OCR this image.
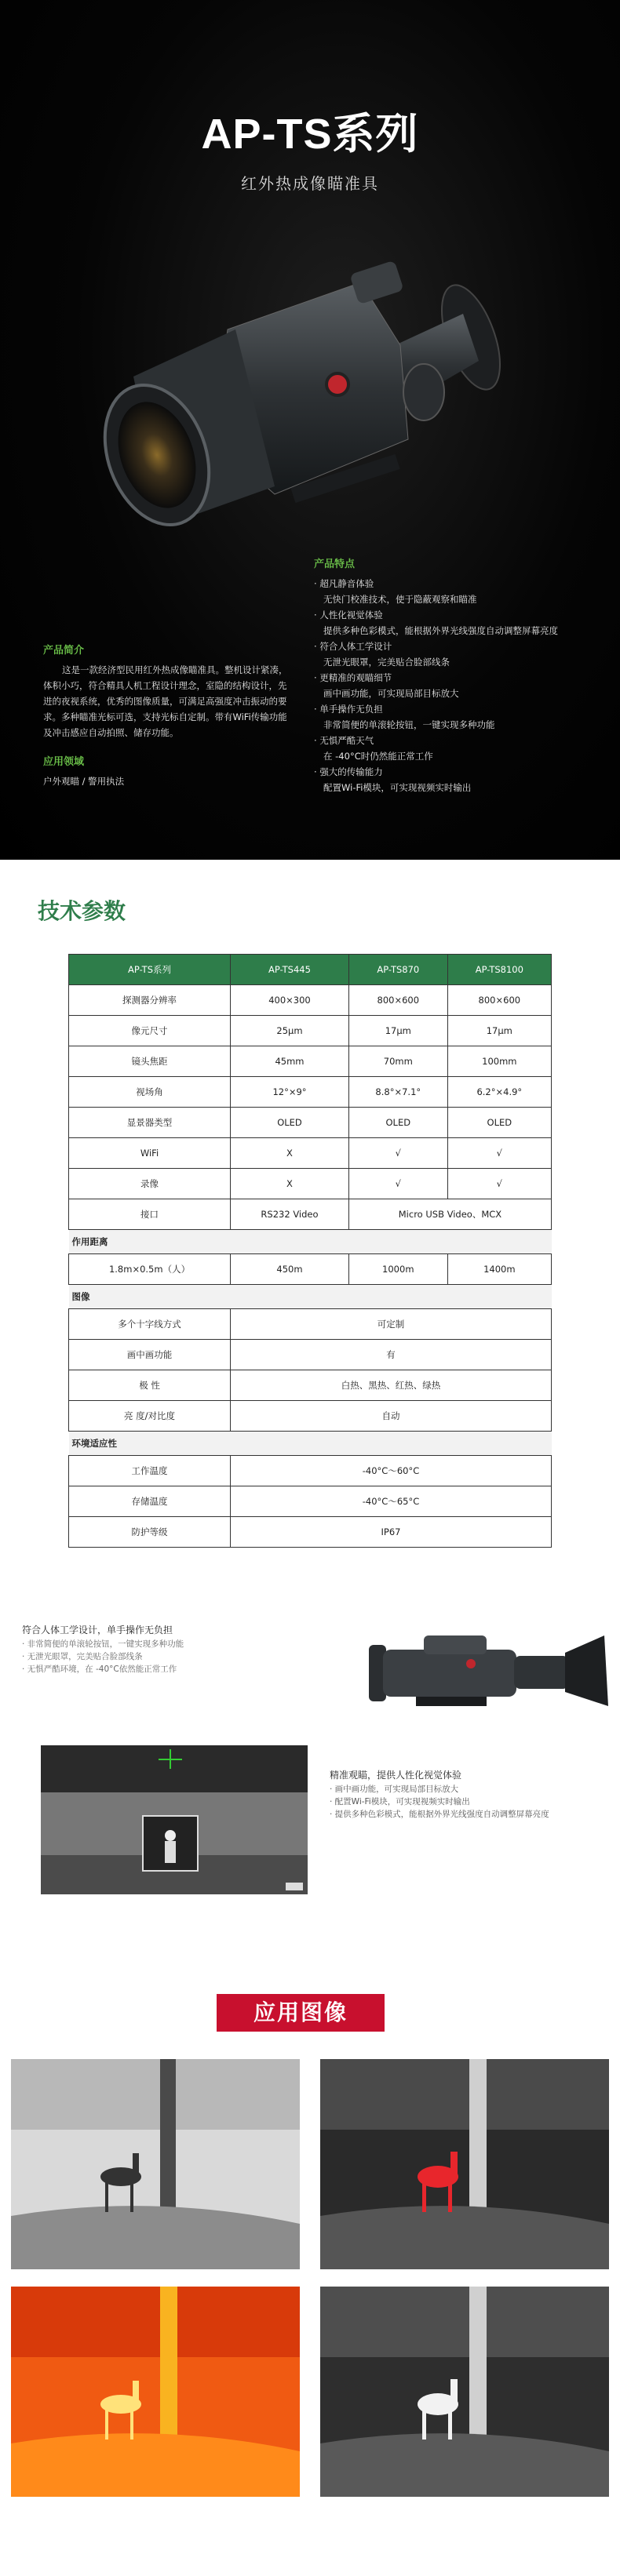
AP-TS系列
红外热成像瞄准具
产品简介
这是一款经济型民用红外热成像瞄准具。整机设计紧凑，体积小巧，符合精具人机工程设计理念，室隐的结构设计，先进的夜视系统，优秀的图像质量，可满足高强度冲击振动的要求。多种瞄准光标可选，支持光标自定制。带有WiFi传输功能及冲击感应自动拍照、储存功能。
应用领域
户外观瞄 / 警用执法
产品特点
· 超凡静音体验
无快门校准技术，使于隐蔽观察和瞄准
· 人性化视觉体验
提供多种色彩模式，能根据外界光线强度自动调整屏幕亮度
· 符合人体工学设计
无泄光眼罩，完美贴合脸部线条
· 更精准的观瞄细节
画中画功能，可实现局部目标放大
· 单手操作无负担
非常简便的单滚轮按钮，一键实现多种功能
· 无惧严酷天气
在 -40°C时仍然能正常工作
· 强大的传输能力
配置Wi-Fi模块，可实现视频实时输出
技术参数
AP-TS系列	AP-TS445	AP-TS870	AP-TS8100
探测器分辨率	400×300	800×600	800×600
像元尺寸	25μm	17μm	17μm
镜头焦距	45mm	70mm	100mm
视场角	12°×9°	8.8°×7.1°	6.2°×4.9°
显景器类型	OLED	OLED	OLED
WiFi	X	√	√
录像	X	√	√
接口	RS232 Video	Micro USB Video、MCX	
作用距离			
1.8m×0.5m（人）	450m	1000m	1400m
图像			
多个十字线方式	可定制		
画中画功能	有		
极 性	白热、黑热、红热、绿热		
亮 度/对比度	自动		
环境适应性			
工作温度	-40°C～60°C		
存储温度	-40°C～65°C		
防护等级	IP67		
符合人体工学设计，单手操作无负担
· 非常简便的单滚轮按钮，一键实现多种功能
· 无泄光眼罩，完美贴合脸部线条
· 无惧严酷环境，在 -40°C依然能正常工作
精准观瞄，提供人性化视觉体验
· 画中画功能，可实现局部目标放大
· 配置Wi-Fi模块，可实现视频实时输出
· 提供多种色彩模式，能根据外界光线强度自动调整屏幕亮度
应用图像
